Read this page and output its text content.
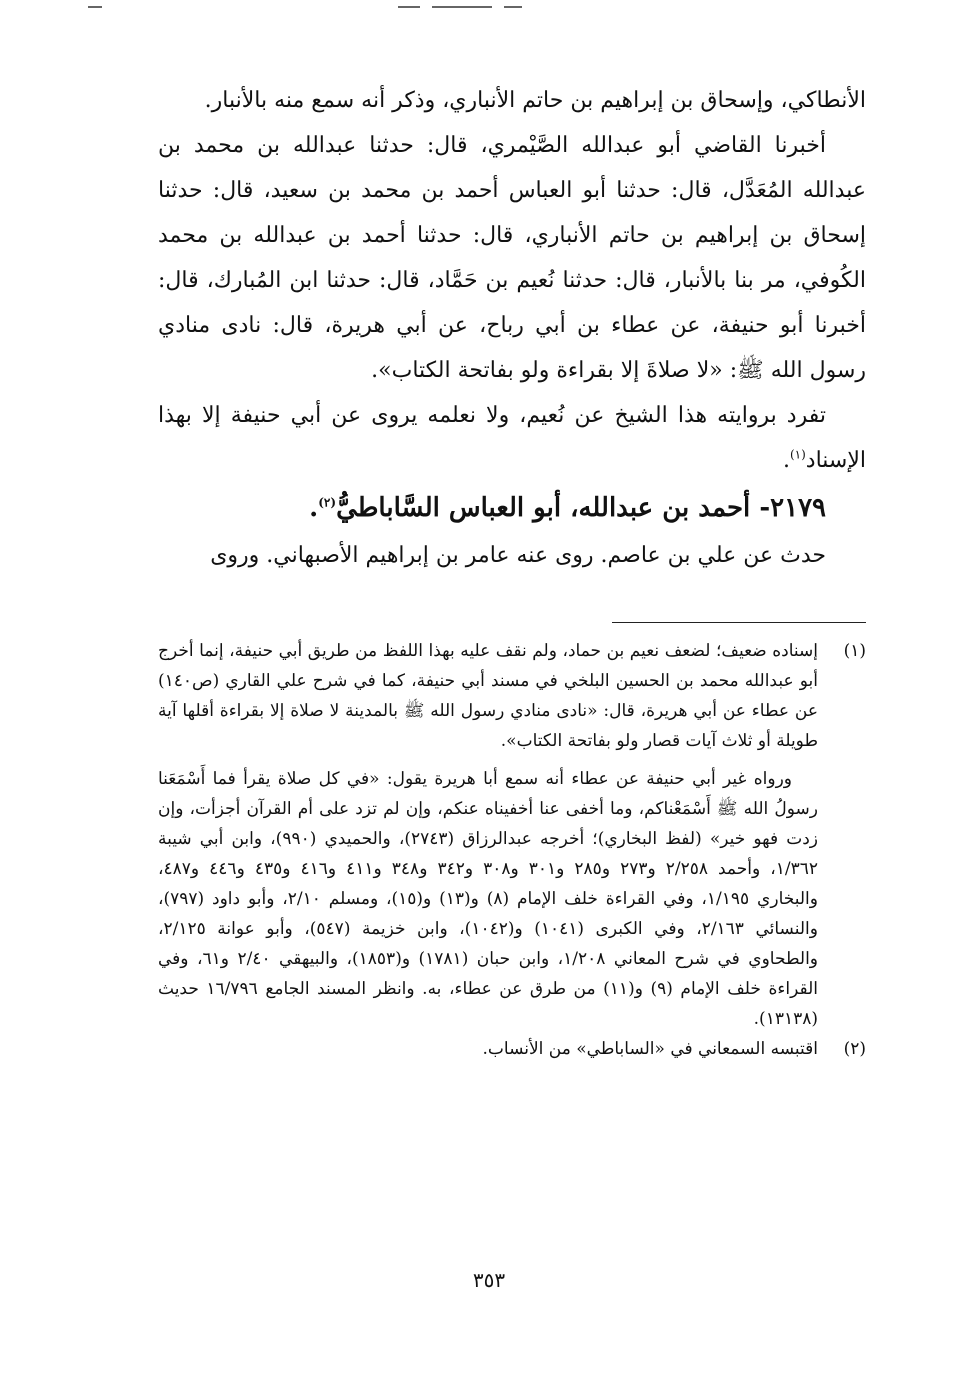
الأنطاكي، وإسحاق بن إبراهيم بن حاتم الأنباري، وذكر أنه سمع منه بالأنبار.

أخبرنا القاضي أبو عبدالله الصَّيْمري، قال: حدثنا عبدالله بن محمد بن عبدالله المُعَدَّل، قال: حدثنا أبو العباس أحمد بن محمد بن سعيد، قال: حدثنا إسحاق بن إبراهيم بن حاتم الأنباري، قال: حدثنا أحمد بن عبدالله بن محمد الكُوفي، مر بنا بالأنبار، قال: حدثنا نُعيم بن حَمَّاد، قال: حدثنا ابن المُبارك، قال: أخبرنا أبو حنيفة، عن عطاء بن أبي رباح، عن أبي هريرة، قال: نادى منادي رسول الله ﷺ: «لا صلاةَ إلا بقراءة ولو بفاتحة الكتاب».

تفرد بروايته هذا الشيخ عن نُعيم، ولا نعلمه يروى عن أبي حنيفة إلا بهذا الإسناد$^{(١)}$.

٢١٧٩- أحمد بن عبدالله، أبو العباس السَّاباطيُّ$^{(٢)}$.

حدث عن علي بن عاصم. روى عنه عامر بن إبراهيم الأصبهاني. وروى

(١)

إسناده ضعيف؛ لضعف نعيم بن حماد، ولم نقف عليه بهذا اللفظ من طريق أبي حنيفة، إنما أخرج أبو عبدالله محمد بن الحسين البلخي في مسند أبي حنيفة، كما في شرح علي القاري (ص١٤٠) عن عطاء عن أبي هريرة، قال: «نادى منادي رسول الله ﷺ بالمدينة لا صلاة إلا بقراءة أقلها آية طويلة أو ثلاث آيات قصار ولو بفاتحة الكتاب».

ورواه غير أبي حنيفة عن عطاء أنه سمع أبا هريرة يقول: «في كل صلاة يقرأ فما أَسْمَعَنا رسولُ الله ﷺ أَسْمَعْناكم، وما أخفى عنا أخفيناه عنكم، وإن لم تزد على أم القرآن أجزأت، وإن زدت فهو خير» (لفظ البخاري)؛ أخرجه عبدالرزاق (٢٧٤٣)، والحميدي (٩٩٠)، وابن أبي شيبة ١/٣٦٢، وأحمد ٢/٢٥٨ و٢٧٣ و٢٨٥ و٣٠١ و٣٠٨ و٣٤٢ و٣٤٨ و٤١١ و٤١٦ و٤٣٥ و٤٤٦ و٤٨٧، والبخاري ١/١٩٥، وفي القراءة خلف الإمام (٨) و(١٣) و(١٥)، ومسلم ٢/١٠، وأبو داود (٧٩٧)، والنسائي ٢/١٦٣، وفي الكبرى (١٠٤١) و(١٠٤٢)، وابن خزيمة (٥٤٧)، وأبو عوانة ٢/١٢٥، والطحاوي في شرح المعاني ١/٢٠٨، وابن حبان (١٧٨١) و(١٨٥٣)، والبيهقي ٢/٤٠ و٦١، وفي القراءة خلف الإمام (٩) و(١١) من طرق عن عطاء، به. وانظر المسند الجامع ١٦/٧٩٦ حديث (١٣١٣٨).

(٢)

اقتبسه السمعاني في «الساباطي» من الأنساب.

٣٥٣
